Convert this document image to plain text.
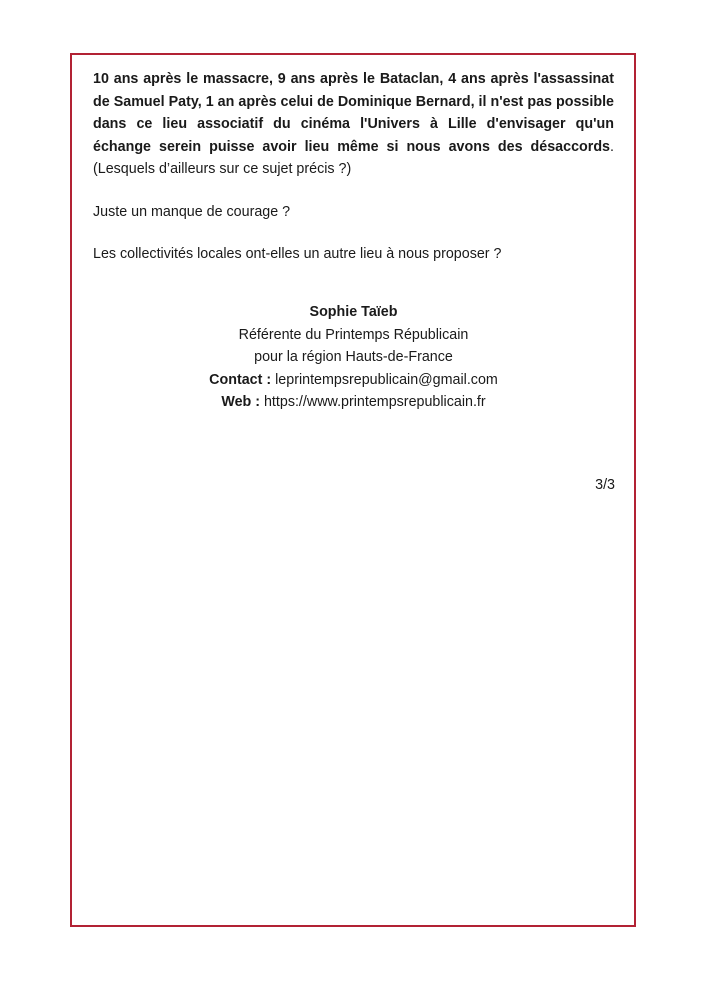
10 ans après le massacre, 9 ans après le Bataclan, 4 ans après l'assassinat de Samuel Paty, 1 an après celui de Dominique Bernard, il n'est pas possible dans ce lieu associatif du cinéma l'Univers à Lille d'envisager qu'un échange serein puisse avoir lieu même si nous avons des désaccords. (Lesquels d’ailleurs sur ce sujet précis ?)

Juste un manque de courage ?

Les collectivités locales ont-elles un autre lieu à nous proposer ?

Sophie Taïeb
Référente du Printemps Républicain
pour la région Hauts-de-France
Contact : leprintempsrepublicain@gmail.com
Web : https://www.printempsrepublicain.fr
3/3
